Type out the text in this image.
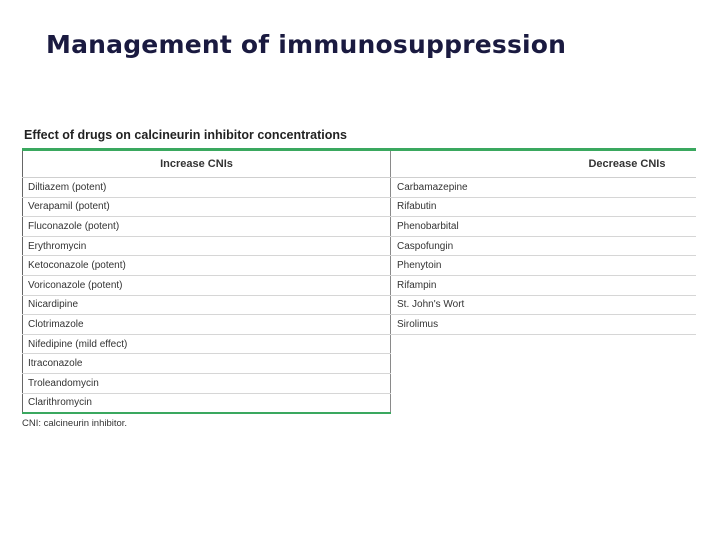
Management of immunosuppression
Effect of drugs on calcineurin inhibitor concentrations
Increase CNIs	Decrease CNIs
Diltiazem (potent)	Carbamazepine
Verapamil (potent)	Rifabutin
Fluconazole (potent)	Phenobarbital
Erythromycin	Caspofungin
Ketoconazole (potent)	Phenytoin
Voriconazole (potent)	Rifampin
Nicardipine	St. John's Wort
Clotrimazole	Sirolimus
Nifedipine (mild effect)	
Itraconazole	
Troleandomycin	
Clarithromycin	
CNI: calcineurin inhibitor.
